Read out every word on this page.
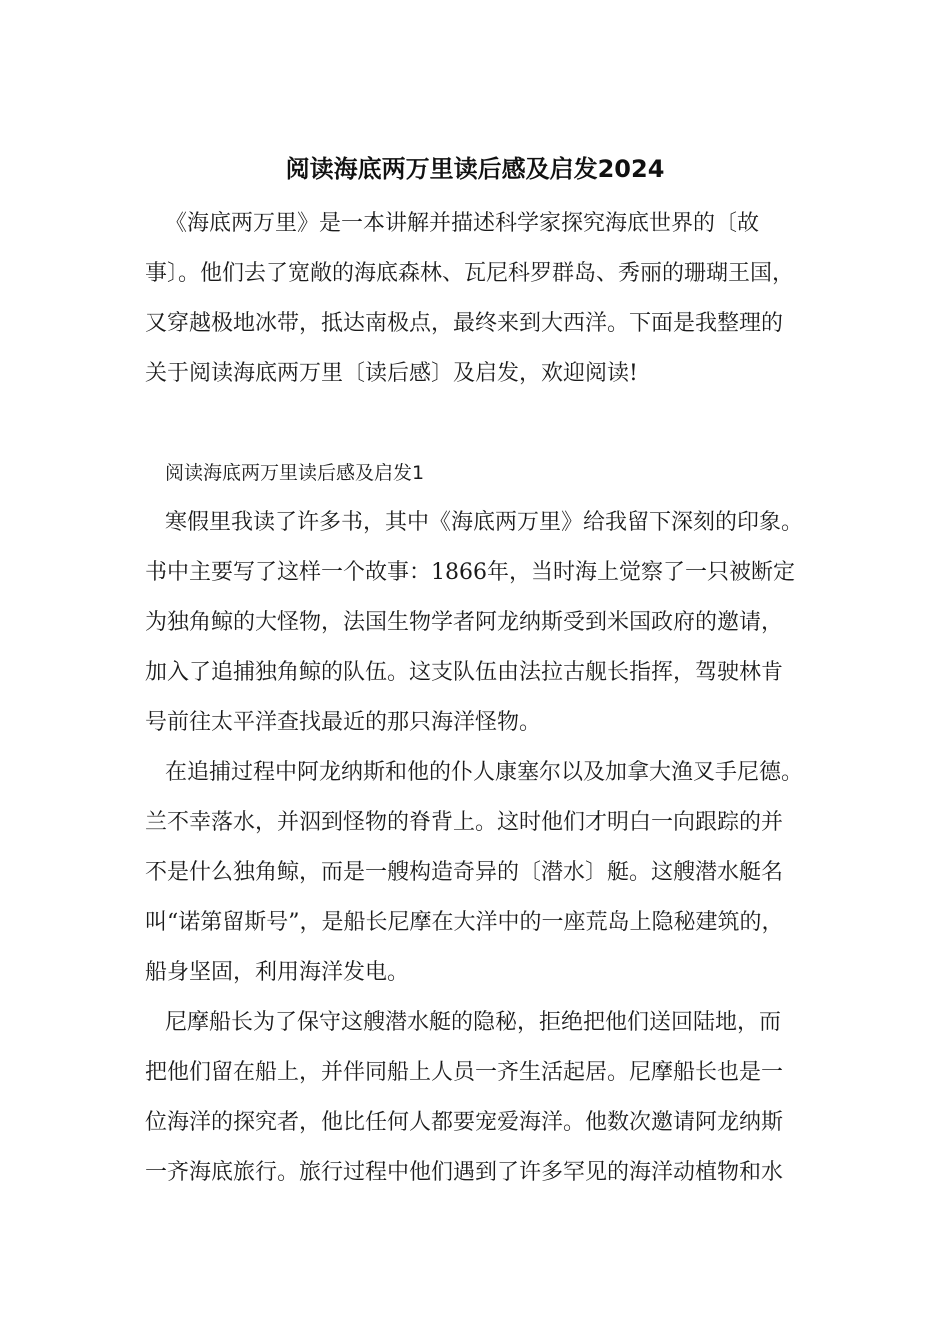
阅读海底两万里读后感及启发2024
《海底两万里》是一本讲解并描述科学家探究海底世界的〔故
事〕。他们去了宽敞的海底森林、瓦尼科罗群岛、秀丽的珊瑚王国，
又穿越极地冰带，抵达南极点，最终来到大西洋。下面是我整理的
关于阅读海底两万里〔读后感〕及启发，欢迎阅读!
阅读海底两万里读后感及启发1
寒假里我读了许多书，其中《海底两万里》给我留下深刻的印象。
书中主要写了这样一个故事：1866年，当时海上觉察了一只被断定
为独角鲸的大怪物，法国生物学者阿龙纳斯受到米国政府的邀请，
加入了追捕独角鲸的队伍。这支队伍由法拉古舰长指挥，驾驶林肯
号前往太平洋查找最近的那只海洋怪物。
在追捕过程中阿龙纳斯和他的仆人康塞尔以及加拿大渔叉手尼德。
兰不幸落水，并泅到怪物的脊背上。这时他们才明白一向跟踪的并
不是什么独角鲸，而是一艘构造奇异的〔潜水〕艇。这艘潜水艇名
叫“诺第留斯号”，是船长尼摩在大洋中的一座荒岛上隐秘建筑的，
船身坚固，利用海洋发电。
尼摩船长为了保守这艘潜水艇的隐秘，拒绝把他们送回陆地，而
把他们留在船上，并伴同船上人员一齐生活起居。尼摩船长也是一
位海洋的探究者，他比任何人都要宠爱海洋。他数次邀请阿龙纳斯
一齐海底旅行。旅行过程中他们遇到了许多罕见的海洋动植物和水
